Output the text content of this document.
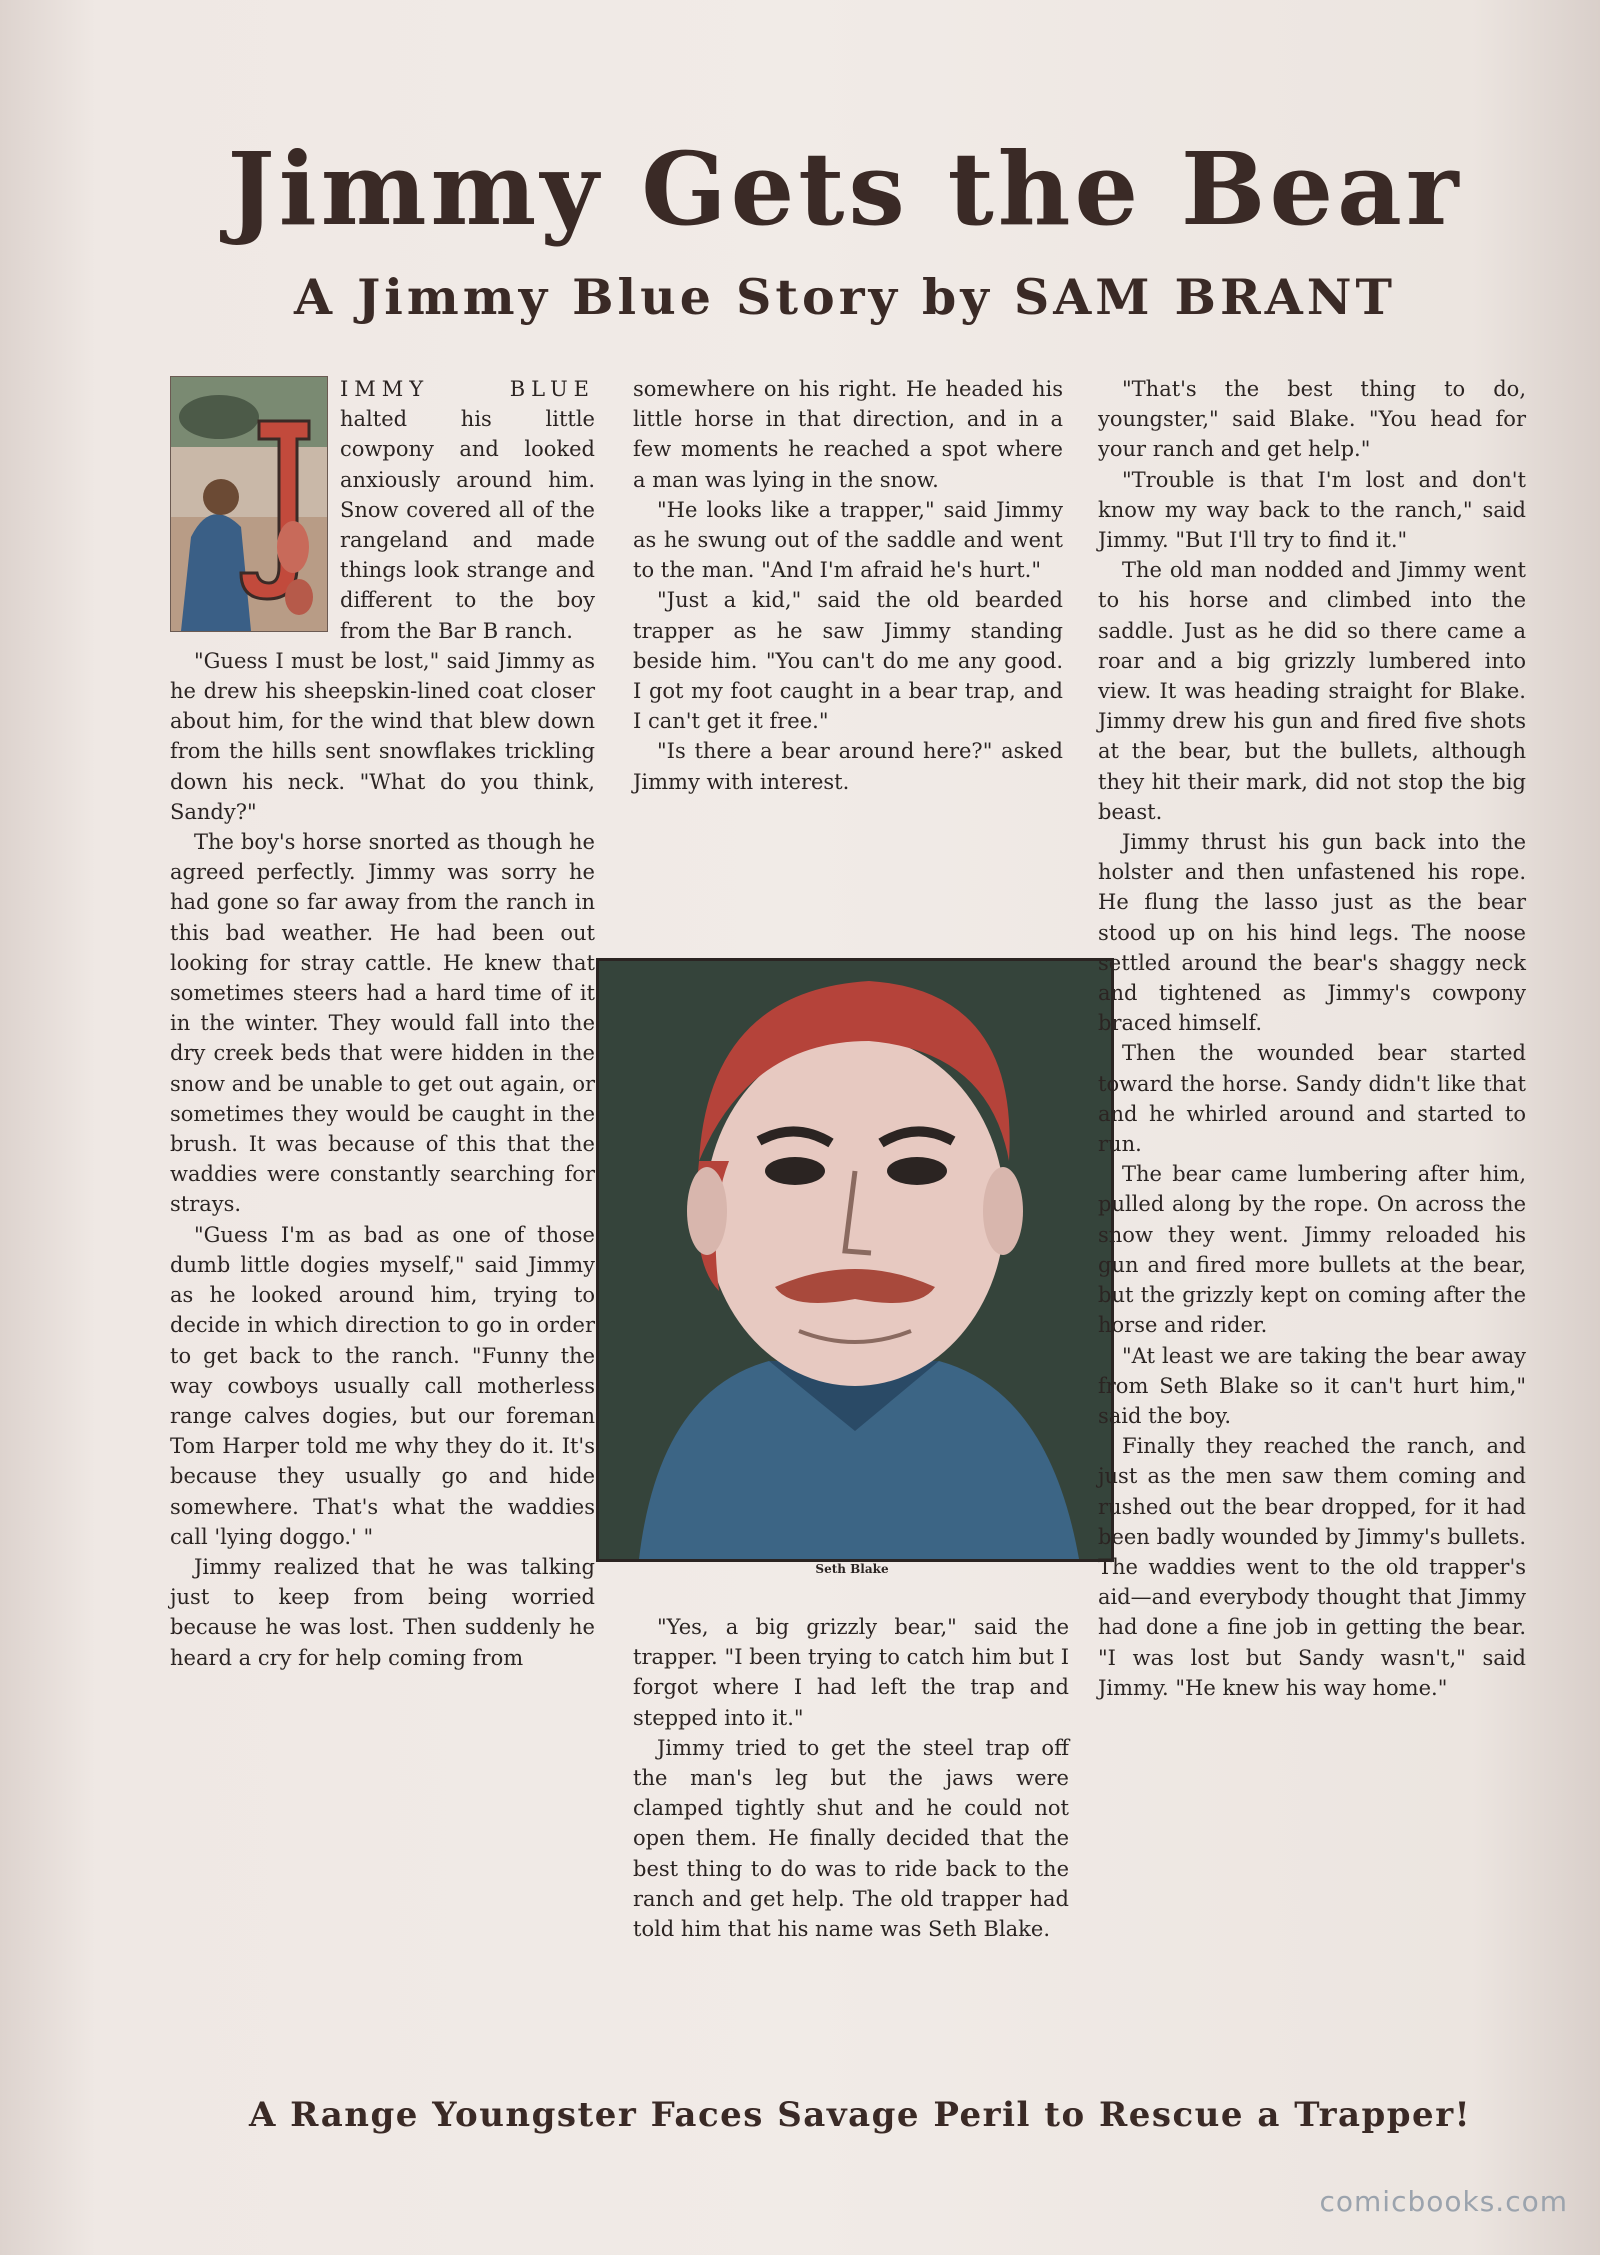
Jimmy Gets the Bear
A Jimmy Blue Story by SAM BRANT

IMMY BLUE halted his little cowpony and looked anxiously around him. Snow covered all of the rangeland and made things look strange and different to the boy from the Bar B ranch.

"Guess I must be lost," said Jimmy as he drew his sheepskin-lined coat closer about him, for the wind that blew down from the hills sent snowflakes trickling down his neck. "What do you think, Sandy?"

The boy's horse snorted as though he agreed perfectly. Jimmy was sorry he had gone so far away from the ranch in this bad weather. He had been out looking for stray cattle. He knew that sometimes steers had a hard time of it in the winter. They would fall into the dry creek beds that were hidden in the snow and be unable to get out again, or sometimes they would be caught in the brush. It was because of this that the waddies were constantly searching for strays.

"Guess I'm as bad as one of those dumb little dogies myself," said Jimmy as he looked around him, trying to decide in which direction to go in order to get back to the ranch. "Funny the way cowboys usually call motherless range calves dogies, but our foreman Tom Harper told me why they do it. It's because they usually go and hide somewhere. That's what the waddies call 'lying doggo.' "

Jimmy realized that he was talking just to keep from being worried because he was lost. Then suddenly he heard a cry for help coming from

somewhere on his right. He headed his little horse in that direction, and in a few moments he reached a spot where a man was lying in the snow.

"He looks like a trapper," said Jimmy as he swung out of the saddle and went to the man. "And I'm afraid he's hurt."

"Just a kid," said the old bearded trapper as he saw Jimmy standing beside him. "You can't do me any good. I got my foot caught in a bear trap, and I can't get it free."

"Is there a bear around here?" asked Jimmy with interest.

Seth Blake

"Yes, a big grizzly bear," said the trapper. "I been trying to catch him but I forgot where I had left the trap and stepped into it."

Jimmy tried to get the steel trap off the man's leg but the jaws were clamped tightly shut and he could not open them. He finally decided that the best thing to do was to ride back to the ranch and get help. The old trapper had told him that his name was Seth Blake.

"That's the best thing to do, youngster," said Blake. "You head for your ranch and get help."

"Trouble is that I'm lost and don't know my way back to the ranch," said Jimmy. "But I'll try to find it."

The old man nodded and Jimmy went to his horse and climbed into the saddle. Just as he did so there came a roar and a big grizzly lumbered into view. It was heading straight for Blake. Jimmy drew his gun and fired five shots at the bear, but the bullets, although they hit their mark, did not stop the big beast.

Jimmy thrust his gun back into the holster and then unfastened his rope. He flung the lasso just as the bear stood up on his hind legs. The noose settled around the bear's shaggy neck and tightened as Jimmy's cowpony braced himself.

Then the wounded bear started toward the horse. Sandy didn't like that and he whirled around and started to run.

The bear came lumbering after him, pulled along by the rope. On across the snow they went. Jimmy reloaded his gun and fired more bullets at the bear, but the grizzly kept on coming after the horse and rider.

"At least we are taking the bear away from Seth Blake so it can't hurt him," said the boy.

Finally they reached the ranch, and just as the men saw them coming and rushed out the bear dropped, for it had been badly wounded by Jimmy's bullets. The waddies went to the old trapper's aid—and everybody thought that Jimmy had done a fine job in getting the bear. "I was lost but Sandy wasn't," said Jimmy. "He knew his way home."

A Range Youngster Faces Savage Peril to Rescue a Trapper!
comicbooks.com
